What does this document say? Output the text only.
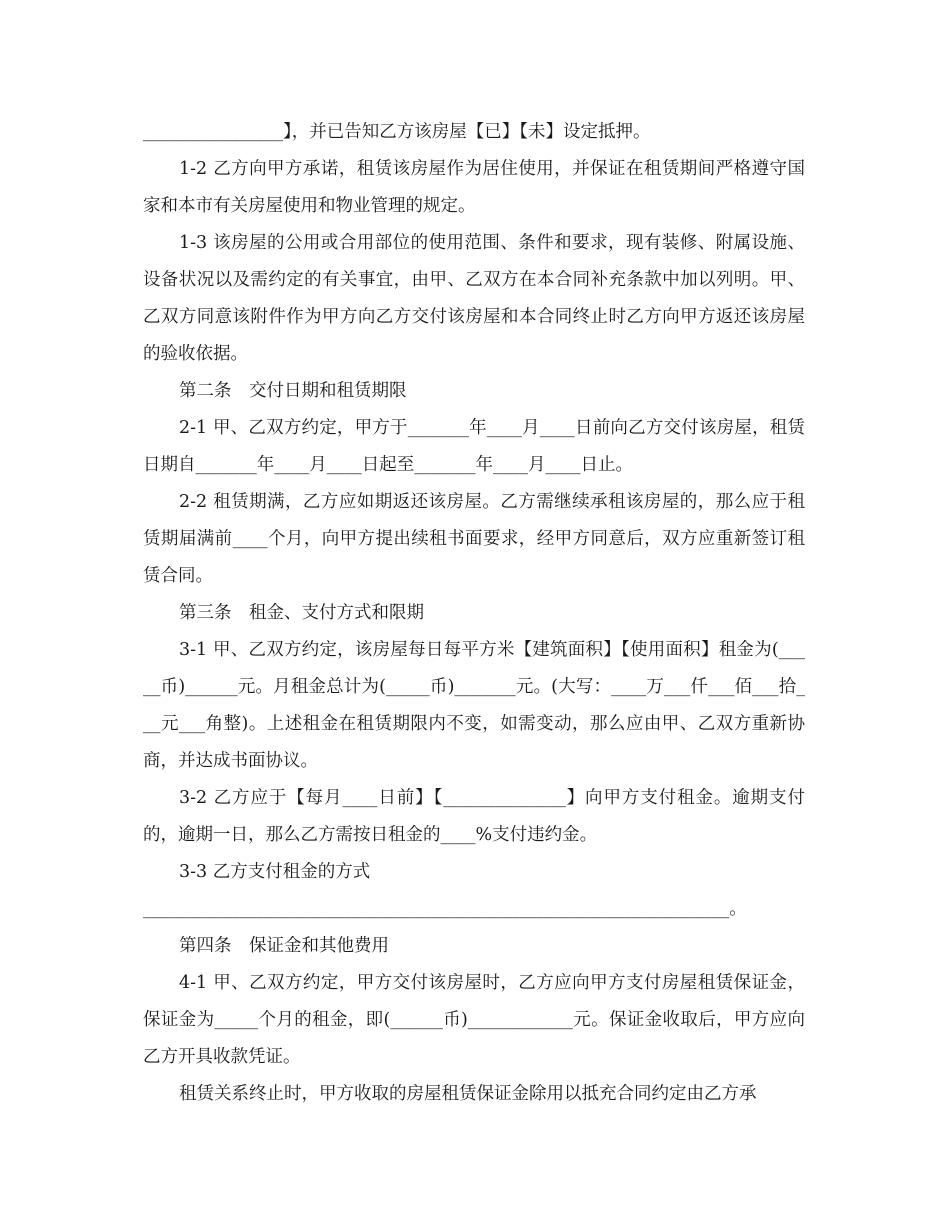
________________】，并已告知乙方该房屋【已】【未】设定抵押。

1-2 乙方向甲方承诺，租赁该房屋作为居住使用，并保证在租赁期间严格遵守国家和本市有关房屋使用和物业管理的规定。

1-3 该房屋的公用或合用部位的使用范围、条件和要求，现有装修、附属设施、设备状况以及需约定的有关事宜，由甲、乙双方在本合同补充条款中加以列明。甲、乙双方同意该附件作为甲方向乙方交付该房屋和本合同终止时乙方向甲方返还该房屋的验收依据。

第二条　交付日期和租赁期限

2-1 甲、乙双方约定，甲方于_______年____月____日前向乙方交付该房屋，租赁日期自_______年____月____日起至_______年____月____日止。

2-2 租赁期满，乙方应如期返还该房屋。乙方需继续承租该房屋的，那么应于租赁期届满前____个月，向甲方提出续租书面要求，经甲方同意后，双方应重新签订租赁合同。

第三条　租金、支付方式和限期

3-1 甲、乙双方约定，该房屋每日每平方米【建筑面积】【使用面积】租金为(_____币)______元。月租金总计为(_____币)_______元。(大写：____万___仟___佰___拾___元___角整)。上述租金在租赁期限内不变，如需变动，那么应由甲、乙双方重新协商，并达成书面协议。

3-2 乙方应于【每月____日前】【______________】向甲方支付租金。逾期支付的，逾期一日，那么乙方需按日租金的____%支付违约金。

3-3 乙方支付租金的方式

___________________________________________________________________。

第四条　保证金和其他费用

4-1 甲、乙双方约定，甲方交付该房屋时，乙方应向甲方支付房屋租赁保证金，保证金为_____个月的租金，即(______币)____________元。保证金收取后，甲方应向乙方开具收款凭证。

租赁关系终止时，甲方收取的房屋租赁保证金除用以抵充合同约定由乙方承
